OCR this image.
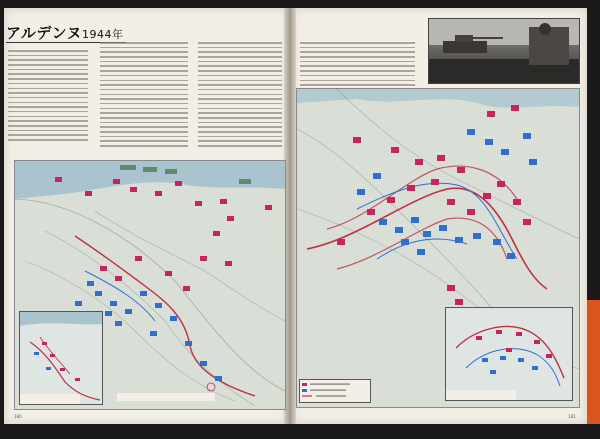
アルデンヌ1944年
180	181
